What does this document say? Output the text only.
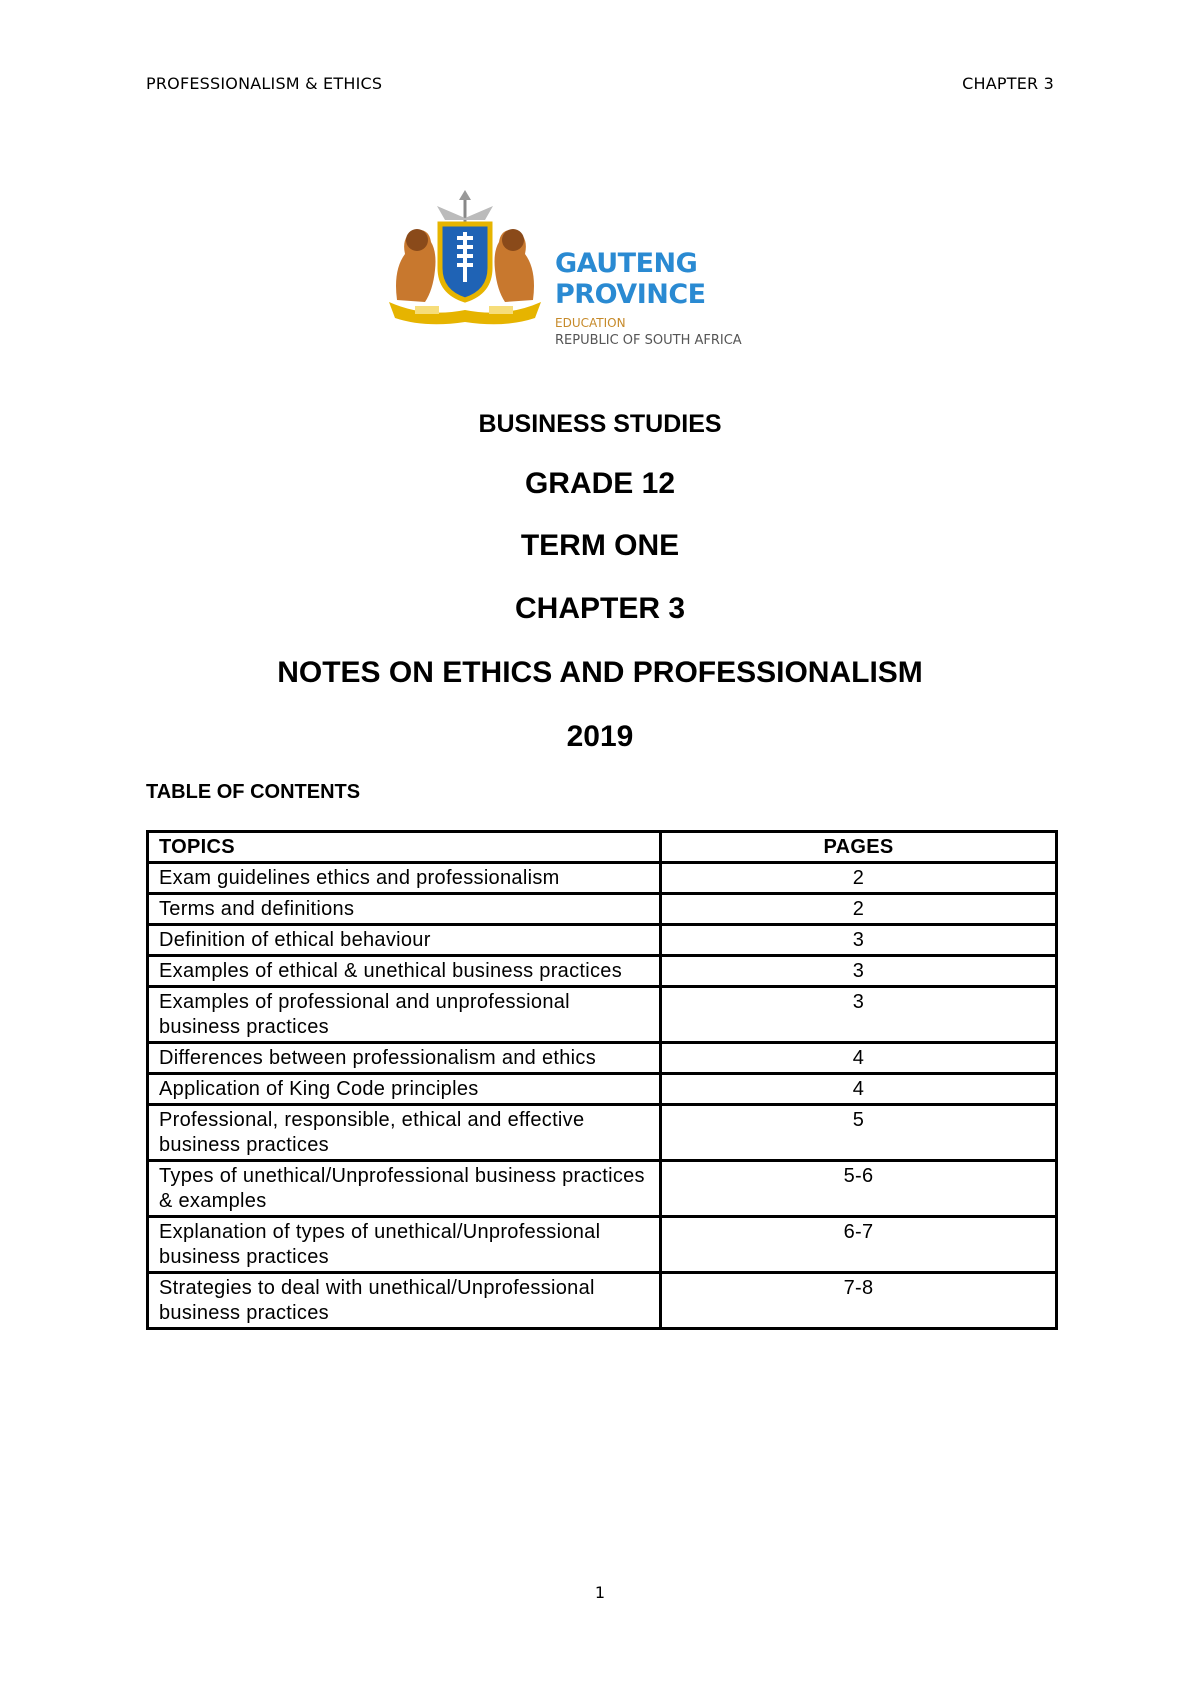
PROFESSIONALISM & ETHICS	CHAPTER 3
GAUTENG PROVINCE
EDUCATION
REPUBLIC OF SOUTH AFRICA
BUSINESS STUDIES
GRADE 12
TERM ONE
CHAPTER 3
NOTES ON ETHICS AND PROFESSIONALISM
2019
TABLE OF CONTENTS
TOPICS	PAGES
Exam guidelines ethics and professionalism	2
Terms and definitions	2
Definition of ethical behaviour	3
Examples of ethical & unethical business practices	3
Examples of professional and unprofessional business practices	3
Differences between professionalism and ethics	4
Application of King Code principles	4
Professional, responsible, ethical and effective business practices	5
Types of unethical/Unprofessional business practices & examples	5-6
Explanation of types of unethical/Unprofessional business practices	6-7
Strategies to deal with unethical/Unprofessional business practices	7-8
1
